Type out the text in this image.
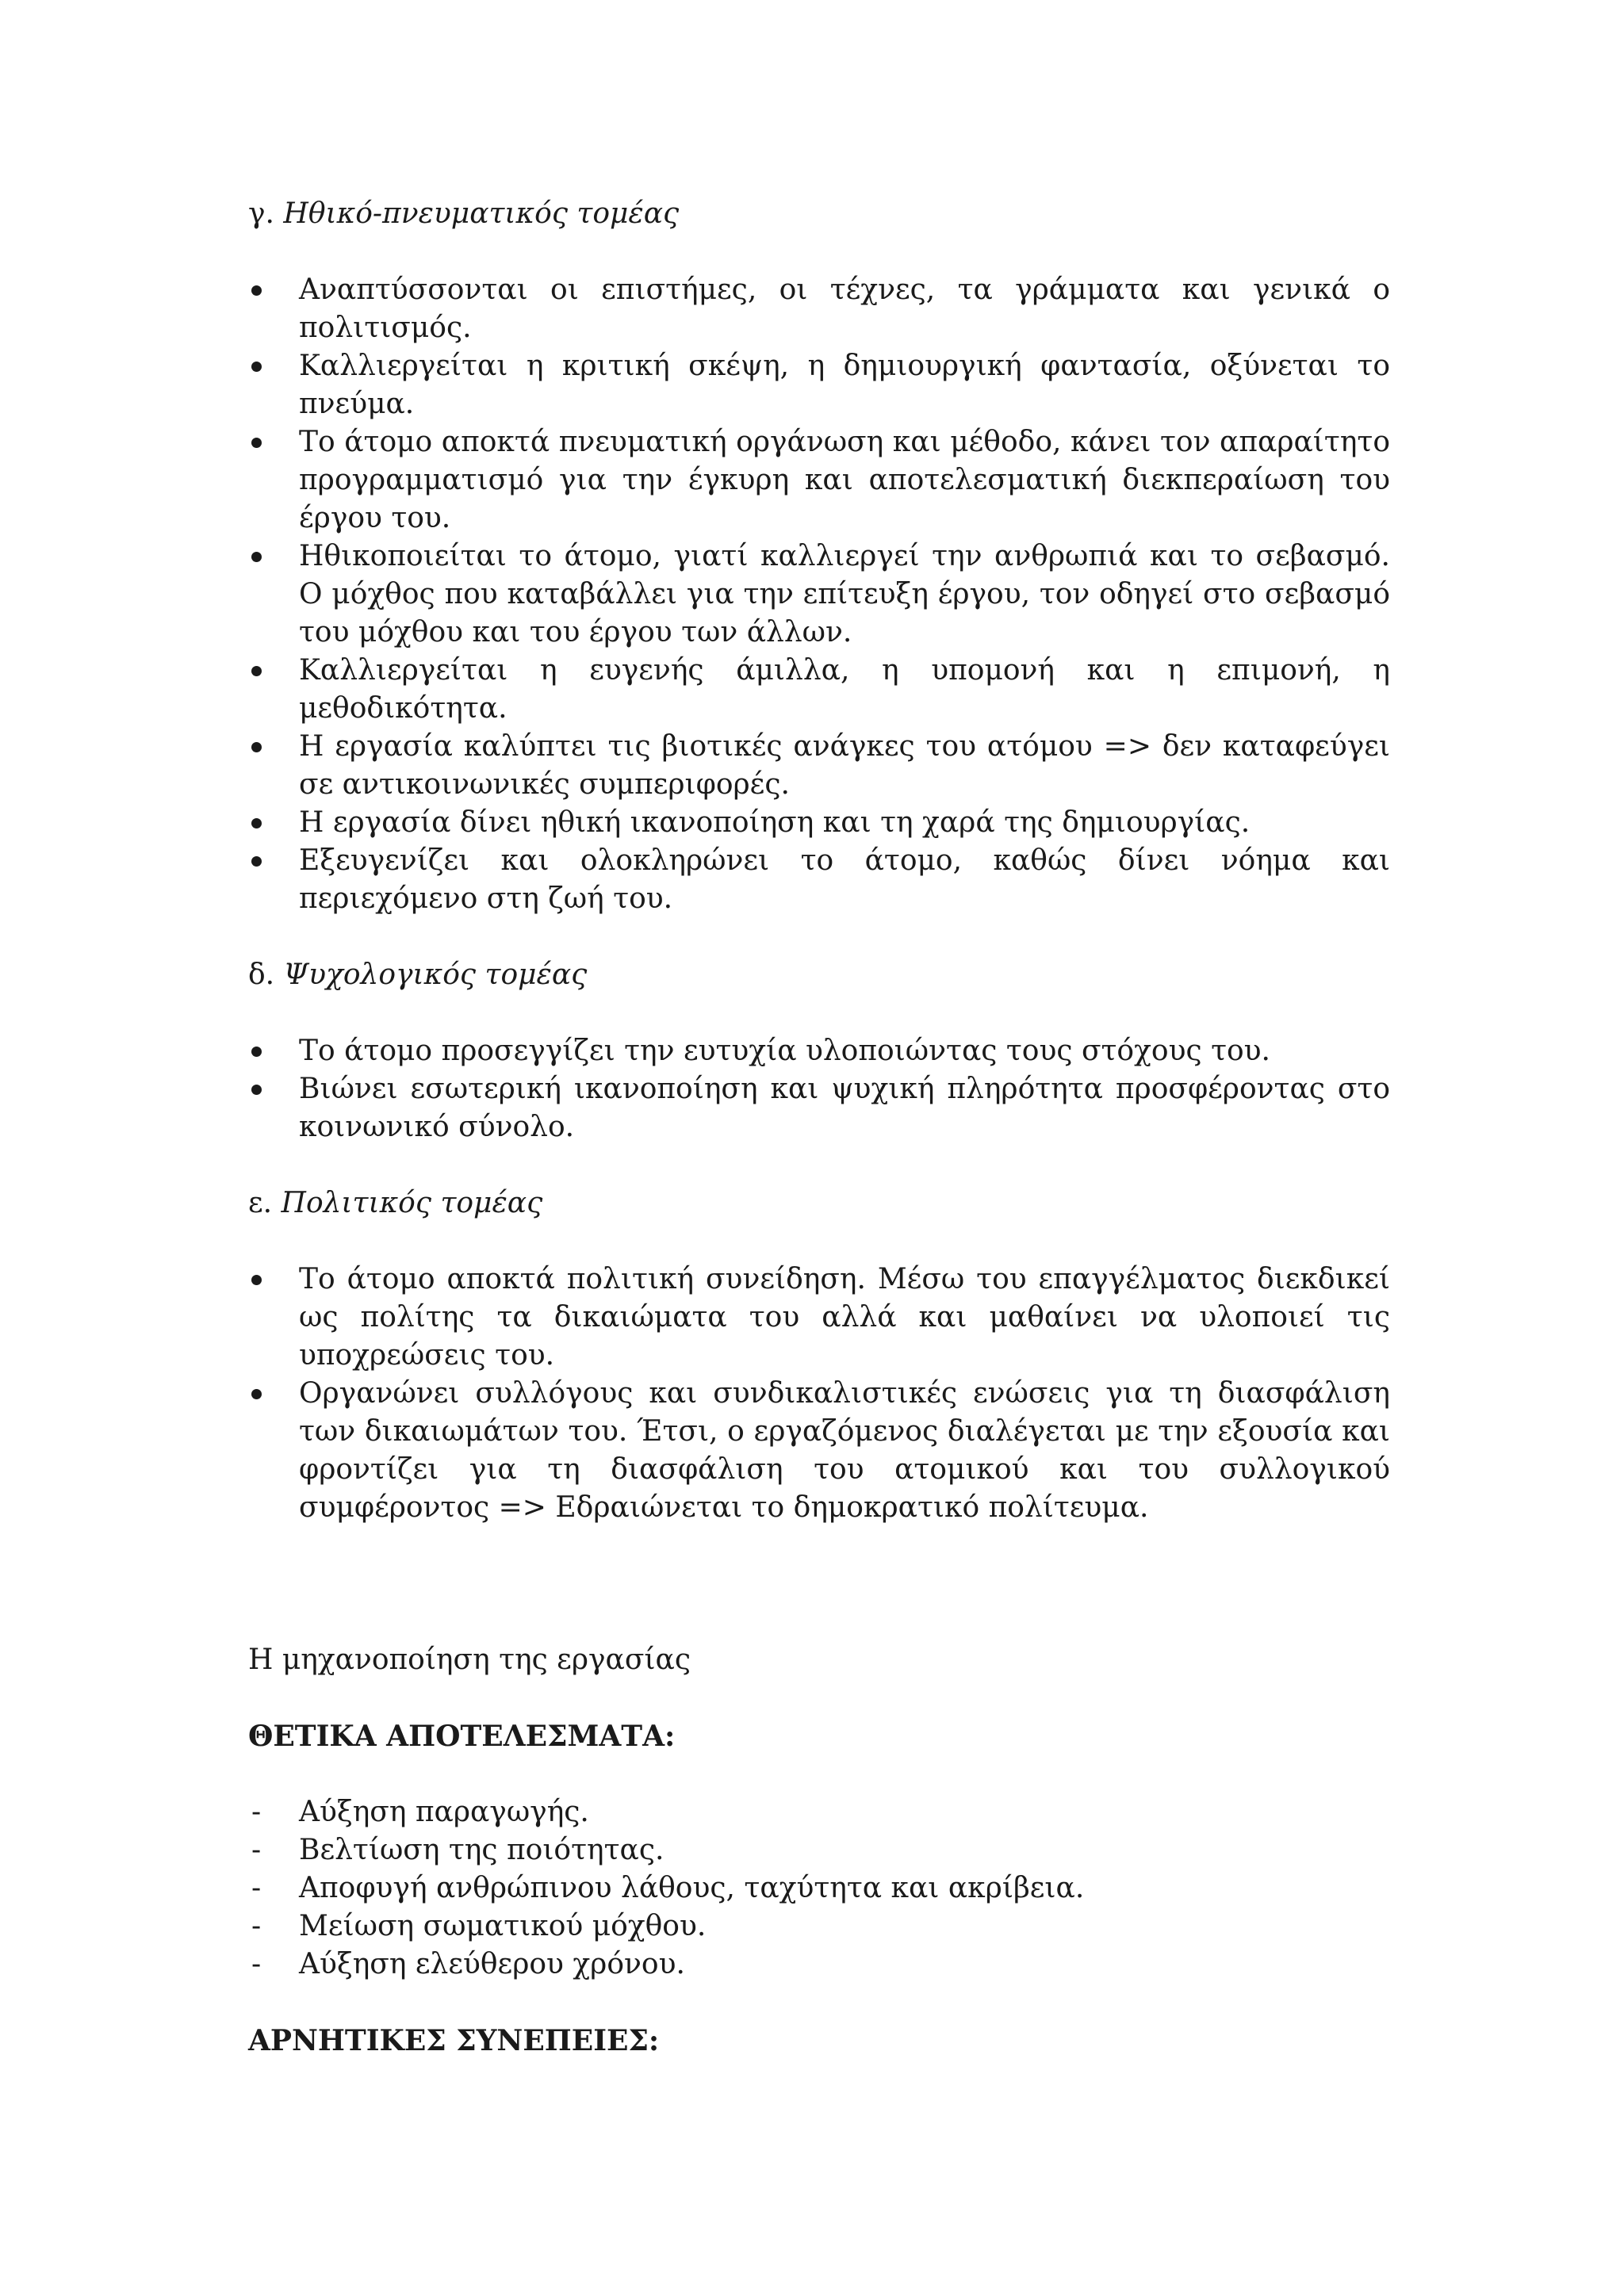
γ. Ηθικό-πνευματικός τομέας
Αναπτύσσονται οι επιστήμες, οι τέχνες, τα γράμματα και γενικά ο πολιτισμός.
Καλλιεργείται η κριτική σκέψη, η δημιουργική φαντασία, οξύνεται το πνεύμα.
Το άτομο αποκτά πνευματική οργάνωση και μέθοδο, κάνει τον απαραίτητο προγραμματισμό για την έγκυρη και αποτελεσματική διεκπεραίωση του έργου του.
Ηθικοποιείται το άτομο, γιατί καλλιεργεί την ανθρωπιά και το σεβασμό. Ο μόχθος που καταβάλλει για την επίτευξη έργου, τον οδηγεί στο σεβασμό του μόχθου και του έργου των άλλων.
Καλλιεργείται η ευγενής άμιλλα, η υπομονή και η επιμονή, η μεθοδικότητα.
Η εργασία καλύπτει τις βιοτικές ανάγκες του ατόμου => δεν καταφεύγει σε αντικοινωνικές συμπεριφορές.
Η εργασία δίνει ηθική ικανοποίηση και τη χαρά της δημιουργίας.
Εξευγενίζει και ολοκληρώνει το άτομο, καθώς δίνει νόημα και περιεχόμενο στη ζωή του.
δ. Ψυχολογικός τομέας
Το άτομο προσεγγίζει την ευτυχία υλοποιώντας τους στόχους του.
Βιώνει εσωτερική ικανοποίηση και ψυχική πληρότητα προσφέροντας στο κοινωνικό σύνολο.
ε. Πολιτικός τομέας
Το άτομο αποκτά πολιτική συνείδηση. Μέσω του επαγγέλματος διεκδικεί ως πολίτης τα δικαιώματα του αλλά και μαθαίνει να υλοποιεί τις υποχρεώσεις του.
Οργανώνει συλλόγους και συνδικαλιστικές ενώσεις για τη διασφάλιση των δικαιωμάτων του. Έτσι, ο εργαζόμενος διαλέγεται με την εξουσία και φροντίζει για τη διασφάλιση του ατομικού και του συλλογικού συμφέροντος => Εδραιώνεται το δημοκρατικό πολίτευμα.

Η μηχανοποίηση της εργασίας

ΘΕΤΙΚΑ ΑΠΟΤΕΛΕΣΜΑΤΑ:

- Αύξηση παραγωγής.
- Βελτίωση της ποιότητας.
- Αποφυγή ανθρώπινου λάθους, ταχύτητα και ακρίβεια.
- Μείωση σωματικού μόχθου.
- Αύξηση ελεύθερου χρόνου.

ΑΡΝΗΤΙΚΕΣ ΣΥΝΕΠΕΙΕΣ:
